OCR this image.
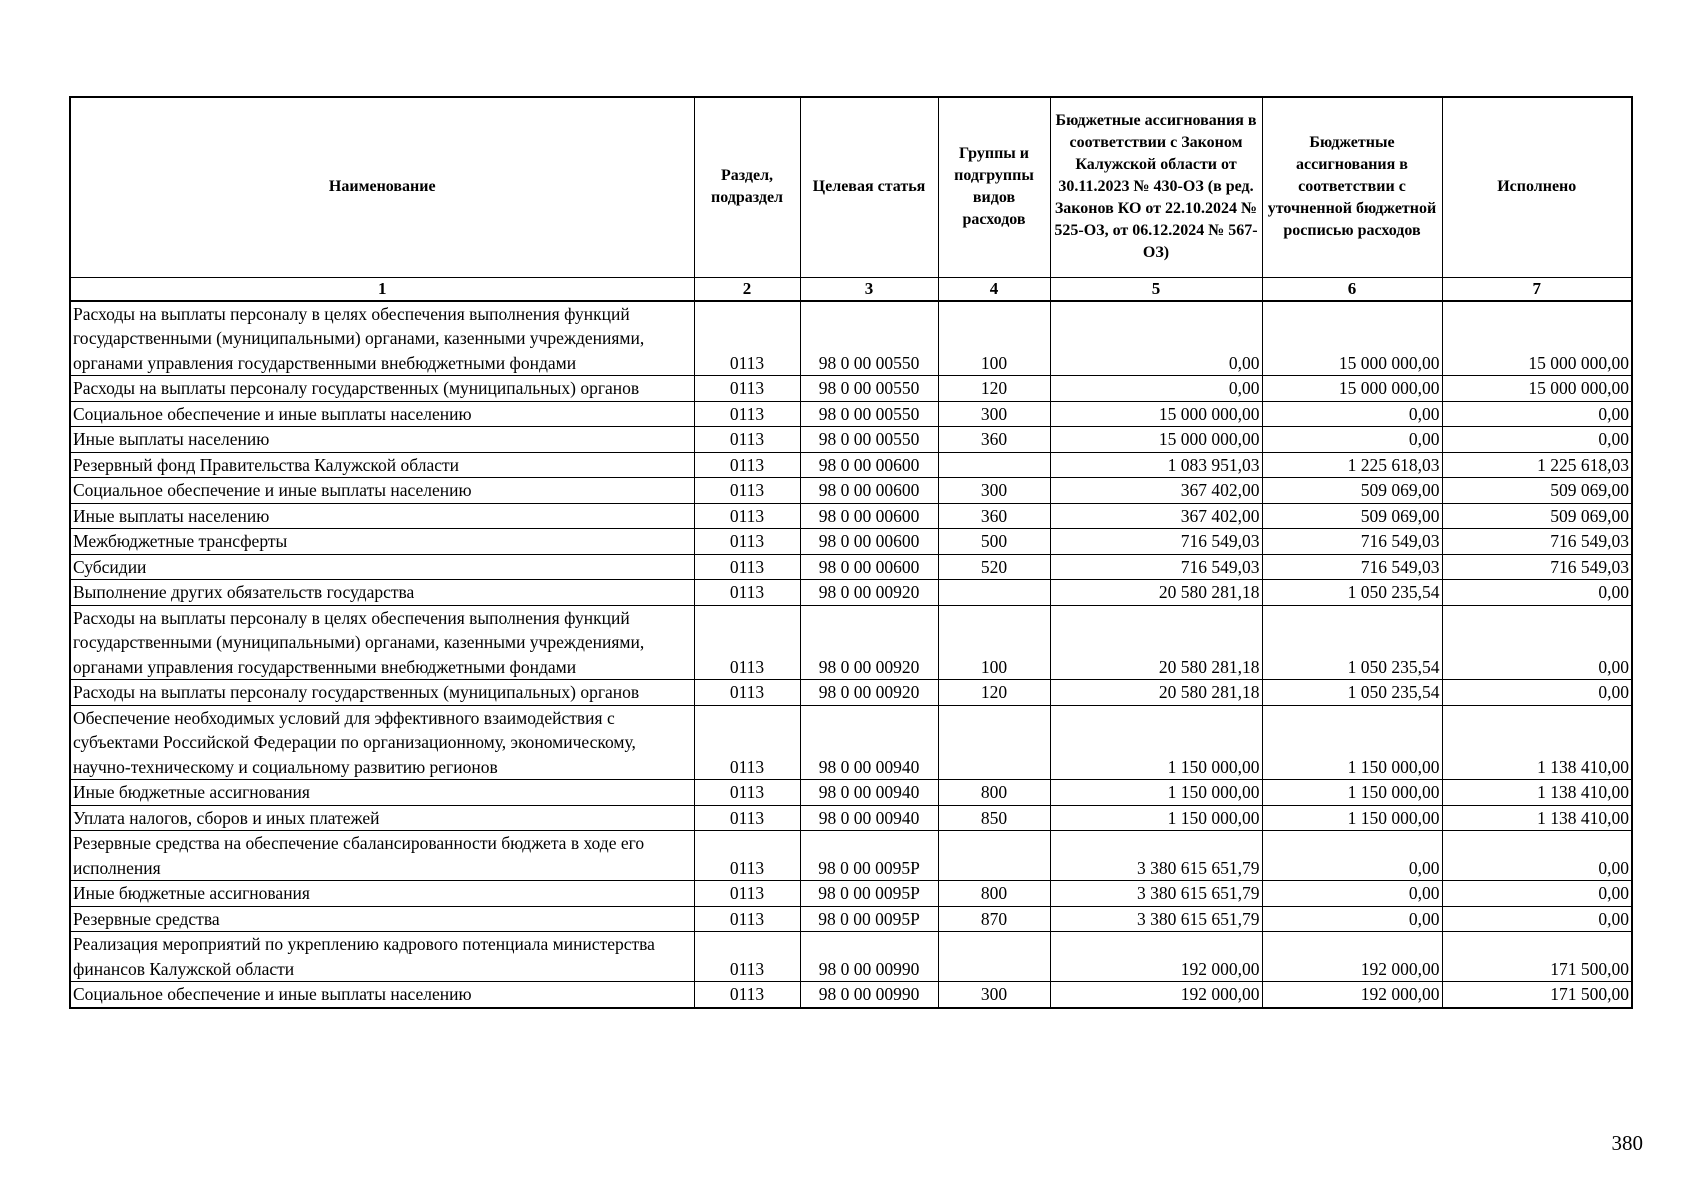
Наименование	Раздел, подраздел	Целевая статья	Группы и подгруппы видов расходов	Бюджетные ассигнования в соответствии с Законом Калужской области от 30.11.2023 № 430-ОЗ (в ред. Законов КО от 22.10.2024 № 525-ОЗ, от 06.12.2024 № 567-ОЗ)	Бюджетные ассигнования в соответствии с уточненной бюджетной росписью расходов	Исполнено
1	2	3	4	5	6	7
Расходы на выплаты персоналу в целях обеспечения выполнения функций государственными (муниципальными) органами, казенными учреждениями, органами управления государственными внебюджетными фондами	0113	98 0 00 00550	100	0,00	15 000 000,00	15 000 000,00
Расходы на выплаты персоналу государственных (муниципальных) органов	0113	98 0 00 00550	120	0,00	15 000 000,00	15 000 000,00
Социальное обеспечение и иные выплаты населению	0113	98 0 00 00550	300	15 000 000,00	0,00	0,00
Иные выплаты населению	0113	98 0 00 00550	360	15 000 000,00	0,00	0,00
Резервный фонд Правительства Калужской области	0113	98 0 00 00600		1 083 951,03	1 225 618,03	1 225 618,03
Социальное обеспечение и иные выплаты населению	0113	98 0 00 00600	300	367 402,00	509 069,00	509 069,00
Иные выплаты населению	0113	98 0 00 00600	360	367 402,00	509 069,00	509 069,00
Межбюджетные трансферты	0113	98 0 00 00600	500	716 549,03	716 549,03	716 549,03
Субсидии	0113	98 0 00 00600	520	716 549,03	716 549,03	716 549,03
Выполнение других обязательств государства	0113	98 0 00 00920		20 580 281,18	1 050 235,54	0,00
Расходы на выплаты персоналу в целях обеспечения выполнения функций государственными (муниципальными) органами, казенными учреждениями, органами управления государственными внебюджетными фондами	0113	98 0 00 00920	100	20 580 281,18	1 050 235,54	0,00
Расходы на выплаты персоналу государственных (муниципальных) органов	0113	98 0 00 00920	120	20 580 281,18	1 050 235,54	0,00
Обеспечение необходимых условий для эффективного взаимодействия с субъектами Российской Федерации по организационному, экономическому, научно-техническому и социальному развитию регионов	0113	98 0 00 00940		1 150 000,00	1 150 000,00	1 138 410,00
Иные бюджетные ассигнования	0113	98 0 00 00940	800	1 150 000,00	1 150 000,00	1 138 410,00
Уплата налогов, сборов и иных платежей	0113	98 0 00 00940	850	1 150 000,00	1 150 000,00	1 138 410,00
Резервные средства на обеспечение сбалансированности бюджета в ходе его исполнения	0113	98 0 00 0095Р		3 380 615 651,79	0,00	0,00
Иные бюджетные ассигнования	0113	98 0 00 0095Р	800	3 380 615 651,79	0,00	0,00
Резервные средства	0113	98 0 00 0095Р	870	3 380 615 651,79	0,00	0,00
Реализация мероприятий по укреплению кадрового потенциала министерства финансов Калужской области	0113	98 0 00 00990		192 000,00	192 000,00	171 500,00
Социальное обеспечение и иные выплаты населению	0113	98 0 00 00990	300	192 000,00	192 000,00	171 500,00
380
